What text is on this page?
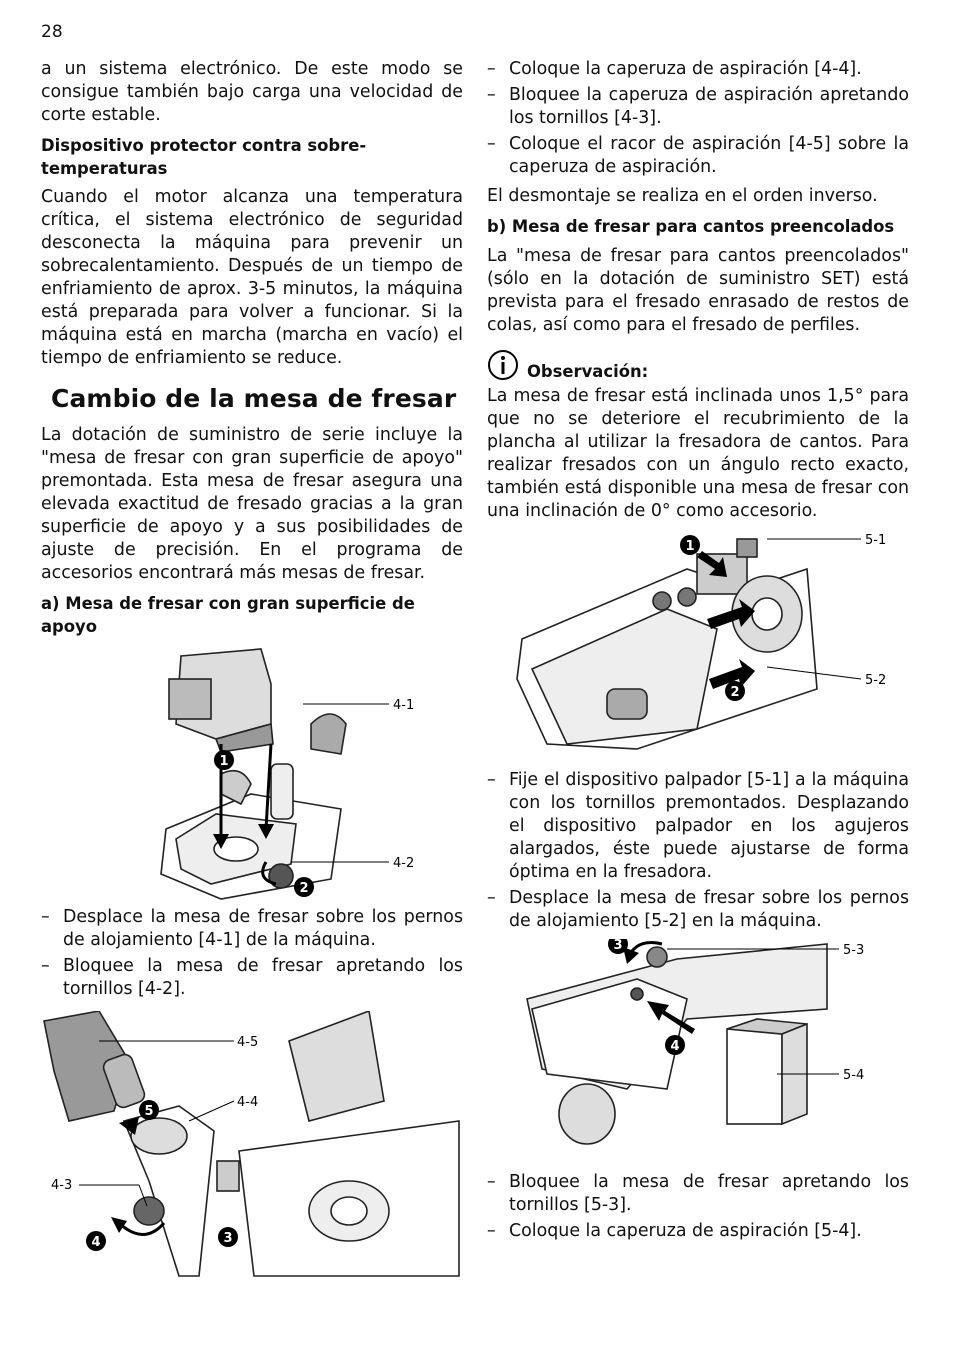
28

a un sistema electrónico. De este modo se consigue también bajo carga una velocidad de corte estable.

Dispositivo protector contra sobre-temperaturas

Cuando el motor alcanza una temperatura crítica, el sistema electrónico de seguridad desconecta la máquina para prevenir un sobrecalentamiento. Después de un tiempo de enfriamiento de aprox. 3-5 minutos, la máquina está preparada para volver a funcionar. Si la máquina está en marcha (marcha en vacío) el tiempo de enfriamiento se reduce.

Cambio de la mesa de fresar

La dotación de suministro de serie incluye la "mesa de fresar con gran superficie de apoyo" premontada. Esta mesa de fresar asegura una elevada exactitud de fresado gracias a la gran superficie de apoyo y a sus posibilidades de ajuste de precisión. En el programa de accesorios encontrará más mesas de fresar.

a) Mesa de fresar con gran superficie de apoyo
1
2
4-1
4-2
– Desplace la mesa de fresar sobre los pernos de alojamiento [4-1] de la máquina.
– Bloquee la mesa de fresar apretando los tornillos [4-2].
5
4	3
4-5
4-4
4-3
– Coloque la caperuza de aspiración [4-4].
– Bloquee la caperuza de aspiración apretando los tornillos [4-3].
– Coloque el racor de aspiración [4-5] sobre la caperuza de aspiración.

El desmontaje se realiza en el orden inverso.

b) Mesa de fresar para cantos preencolados

La "mesa de fresar para cantos preencolados" (sólo en la dotación de suministro SET) está prevista para el fresado enrasado de restos de colas, así como para el fresado de perfiles.

Observación:

La mesa de fresar está inclinada unos 1,5° para que no se deteriore el recubrimiento de la plancha al utilizar la fresadora de cantos. Para realizar fresados con un ángulo recto exacto, también está disponible una mesa de fresar con una inclinación de 0° como accesorio.

1
2
5-1
5-2
– Fije el dispositivo palpador [5-1] a la máquina con los tornillos premontados. Desplazando el dispositivo palpador en los agujeros alargados, éste puede ajustarse de forma óptima en la fresadora.
– Desplace la mesa de fresar sobre los pernos de alojamiento [5-2] en la máquina.
3
4
5-3
5-4
– Bloquee la mesa de fresar apretando los tornillos [5-3].
– Coloque la caperuza de aspiración [5-4].
